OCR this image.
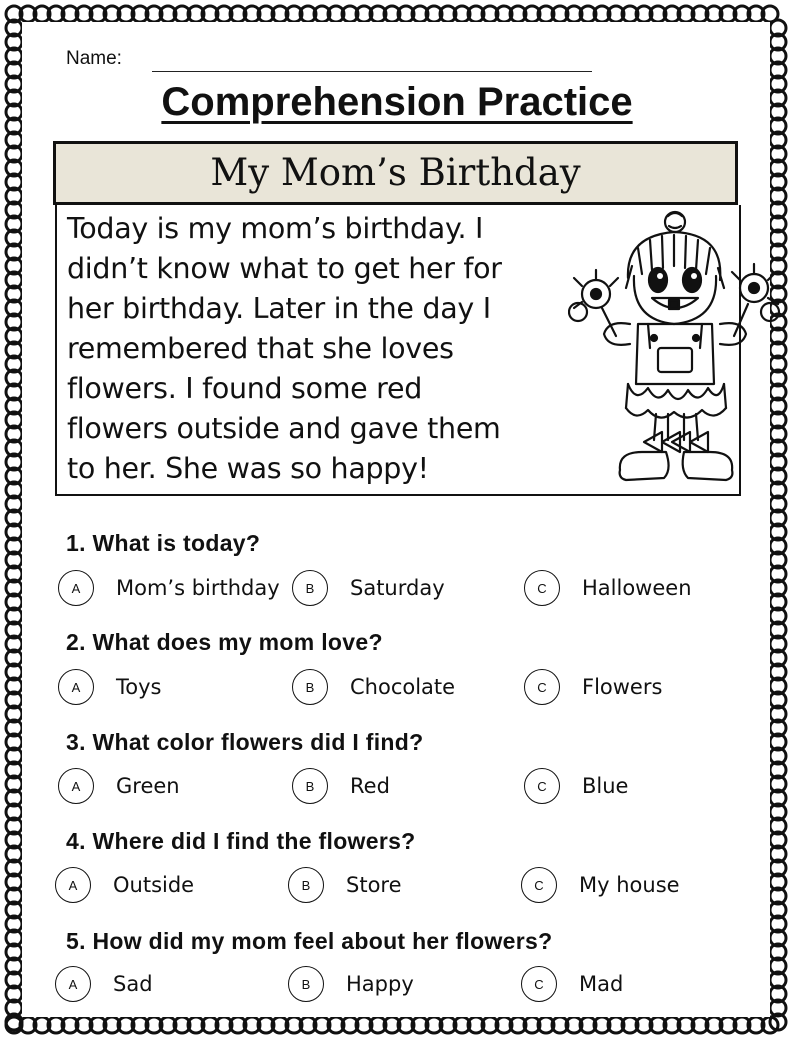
Name:
Comprehension Practice
My Mom’s Birthday

Today is my mom’s birthday. I

didn’t know what to get her for

her birthday. Later in the day I

remembered that she loves

flowers. I found some red

flowers outside and gave them

to her. She was so happy!

1. What is today?
A	Mom’s birthday	B	Saturday	C	Halloween
2. What does my mom love?
A	Toys	B	Chocolate	C	Flowers
3. What color flowers did I find?
A	Green	B	Red	C	Blue
4. Where did I find the flowers?
A	Outside	B	Store	C	My house
5. How did my mom feel about her flowers?
A	Sad	B	Happy	C	Mad
